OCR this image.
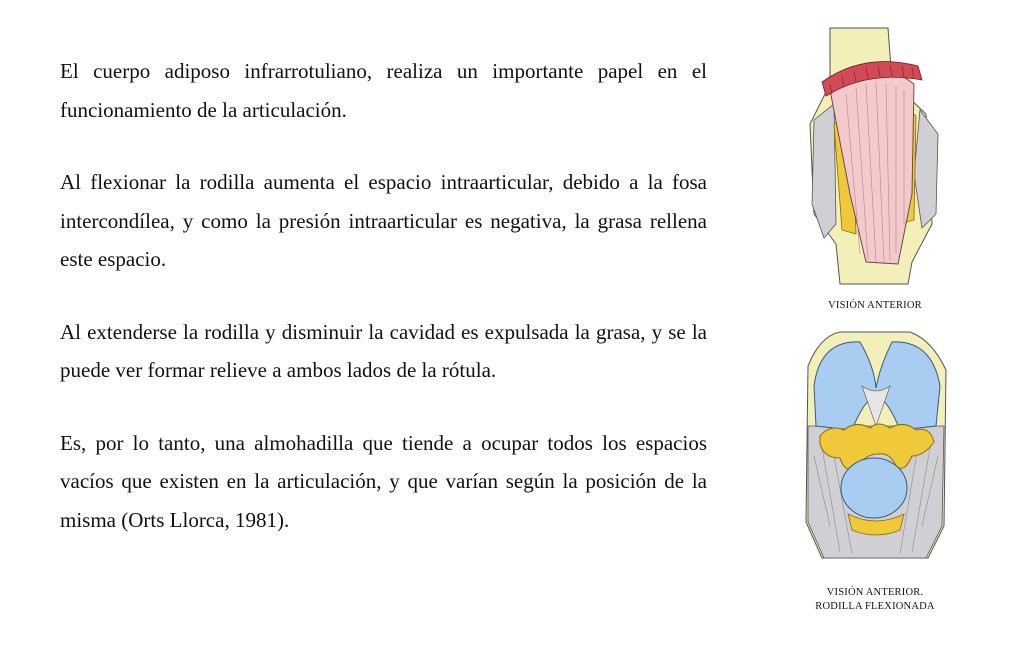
El cuerpo adiposo infrarrotuliano, realiza un importante papel en el funcionamiento de la articulación.

Al flexionar la rodilla aumenta el espacio intraarticular, debido a la fosa intercondílea, y como la presión intraarticular es negativa, la grasa rellena este espacio.

Al extenderse la rodilla y disminuir la cavidad es expulsada la grasa, y se la puede ver formar relieve a ambos lados de la rótula.

Es, por lo tanto, una almohadilla que tiende a ocupar todos los espacios vacíos que existen en la articulación, y que varían según la posición de la misma (Orts Llorca, 1981).

VISIÓN ANTERIOR
VISIÓN ANTERIOR.
RODILLA FLEXIONADA
